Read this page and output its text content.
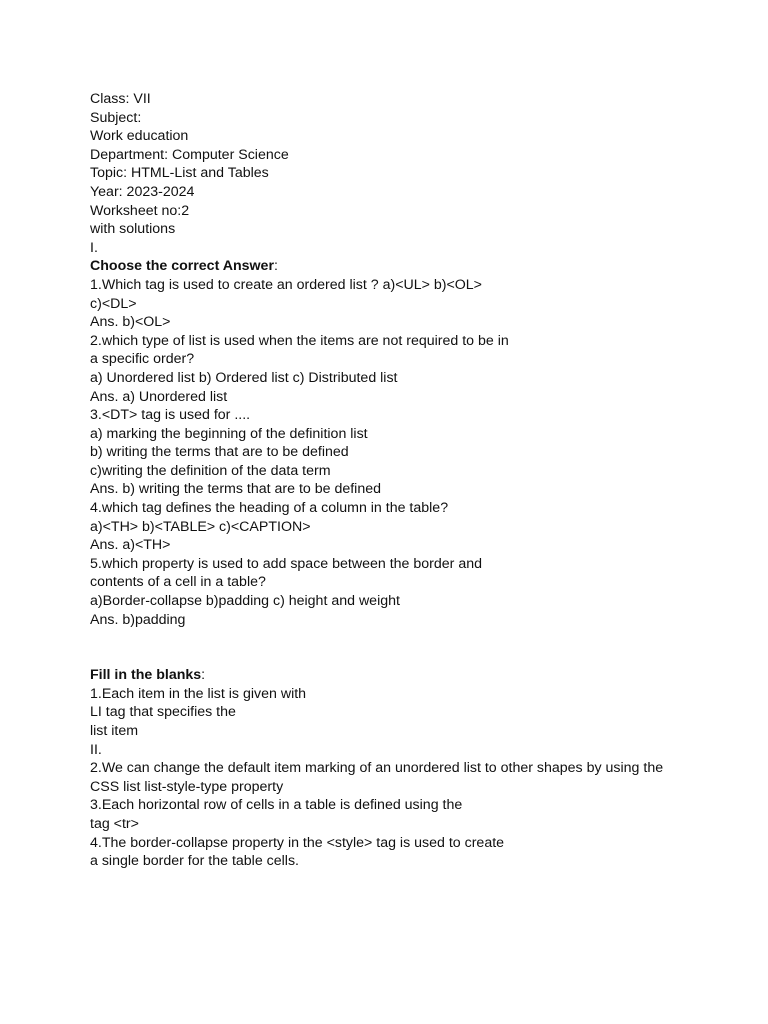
Class: VII
Subject:
Work education
Department: Computer Science
Topic: HTML-List and Tables
Year: 2023-2024
Worksheet no:2
with solutions
I.
Choose the correct Answer:
1.Which tag is used to create an ordered list ? a)<UL> b)<OL>
c)<DL>
Ans. b)<OL>
2.which type of list is used when the items are not required to be in
a specific order?
a) Unordered list b) Ordered list c) Distributed list
Ans. a) Unordered list
3.<DT> tag is used for ....
a) marking the beginning of the definition list
b) writing the terms that are to be defined
c)writing the definition of the data term
Ans. b) writing the terms that are to be defined
4.which tag defines the heading of a column in the table?
a)<TH> b)<TABLE> c)<CAPTION>
Ans. a)<TH>
5.which property is used to add space between the border and
contents of a cell in a table?
a)Border-collapse b)padding c) height and weight
Ans. b)padding
Fill in the blanks:
1.Each item in the list is given with
LI tag that specifies the
list item
II.
2.We can change the default item marking of an unordered list to other shapes by using the
CSS list list-style-type property
3.Each horizontal row of cells in a table is defined using the
tag <tr>
4.The border-collapse property in the <style> tag is used to create
a single border for the table cells.
